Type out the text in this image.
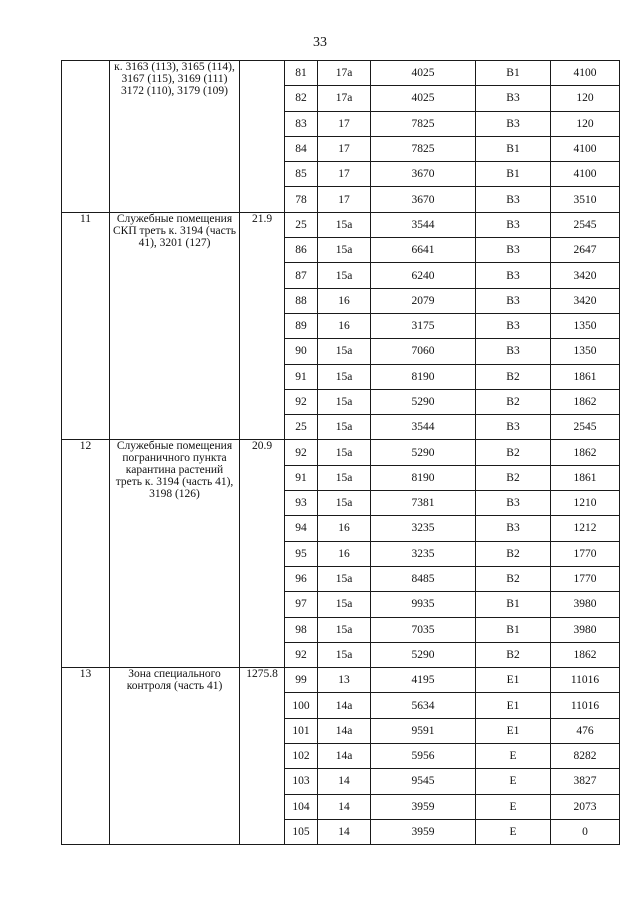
33
	к. 3163 (113), 3165 (114), 3167 (115), 3169 (111) 3172 (110), 3179 (109)		81	17а	4025	В1	4100
			82	17а	4025	В3	120
			83	17	7825	В3	120
			84	17	7825	В1	4100
			85	17	3670	В1	4100
			78	17	3670	В3	3510
11	Служебные помещения СКП треть к. 3194 (часть 41), 3201 (127)	21.9	25	15а	3544	В3	2545
			86	15а	6641	В3	2647
			87	15а	6240	В3	3420
			88	16	2079	В3	3420
			89	16	3175	В3	1350
			90	15а	7060	В3	1350
			91	15а	8190	В2	1861
			92	15а	5290	В2	1862
			25	15а	3544	В3	2545
12	Служебные помещения пограничного пункта карантина растений треть к. 3194 (часть 41), 3198 (126)	20.9	92	15а	5290	В2	1862
			91	15а	8190	В2	1861
			93	15а	7381	В3	1210
			94	16	3235	В3	1212
			95	16	3235	В2	1770
			96	15а	8485	В2	1770
			97	15а	9935	В1	3980
			98	15а	7035	В1	3980
			92	15а	5290	В2	1862
13	Зона специального контроля (часть 41)	1275.8	99	13	4195	Е1	11016
			100	14а	5634	Е1	11016
			101	14а	9591	Е1	476
			102	14а	5956	Е	8282
			103	14	9545	Е	3827
			104	14	3959	Е	2073
			105	14	3959	Е	0
